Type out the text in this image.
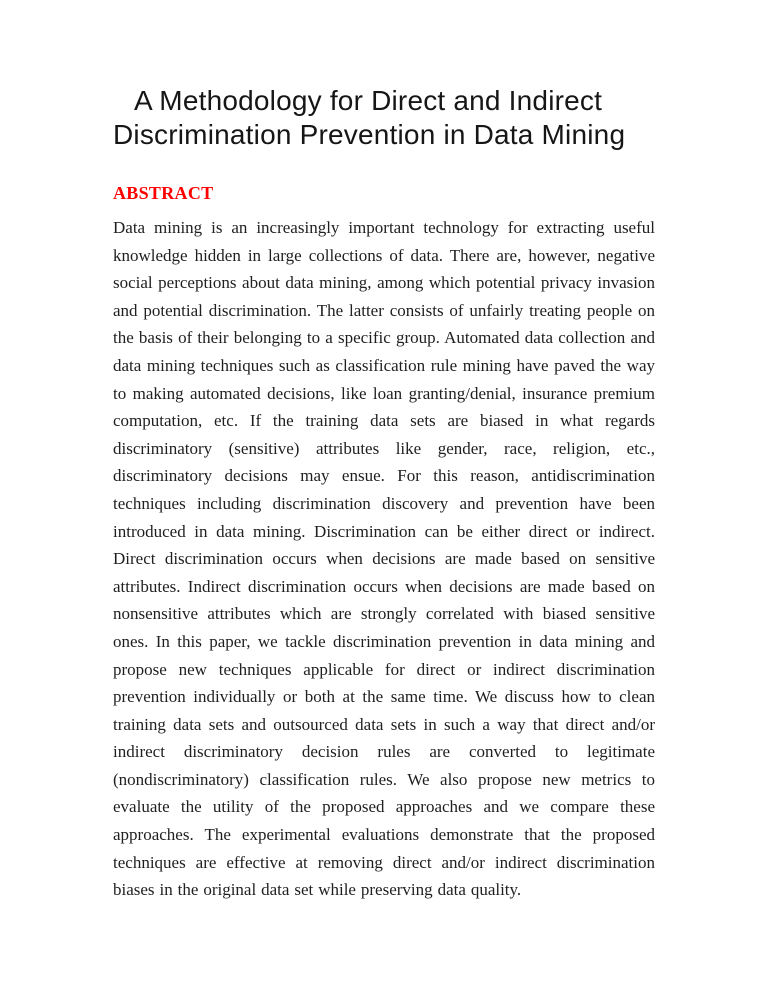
A Methodology for Direct and Indirect
Discrimination Prevention in Data Mining
ABSTRACT

Data mining is an increasingly important technology for extracting useful knowledge hidden in large collections of data. There are, however, negative social perceptions about data mining, among which potential privacy invasion and potential discrimination. The latter consists of unfairly treating people on the basis of their belonging to a specific group. Automated data collection and data mining techniques such as classification rule mining have paved the way to making automated decisions, like loan granting/denial, insurance premium computation, etc. If the training data sets are biased in what regards discriminatory (sensitive) attributes like gender, race, religion, etc., discriminatory decisions may ensue. For this reason, antidiscrimination techniques including discrimination discovery and prevention have been introduced in data mining. Discrimination can be either direct or indirect. Direct discrimination occurs when decisions are made based on sensitive attributes. Indirect discrimination occurs when decisions are made based on nonsensitive attributes which are strongly correlated with biased sensitive ones. In this paper, we tackle discrimination prevention in data mining and propose new techniques applicable for direct or indirect discrimination prevention individually or both at the same time. We discuss how to clean training data sets and outsourced data sets in such a way that direct and/or indirect discriminatory decision rules are converted to legitimate (nondiscriminatory) classification rules. We also propose new metrics to evaluate the utility of the proposed approaches and we compare these approaches. The experimental evaluations demonstrate that the proposed techniques are effective at removing direct and/or indirect discrimination biases in the original data set while preserving data quality.
